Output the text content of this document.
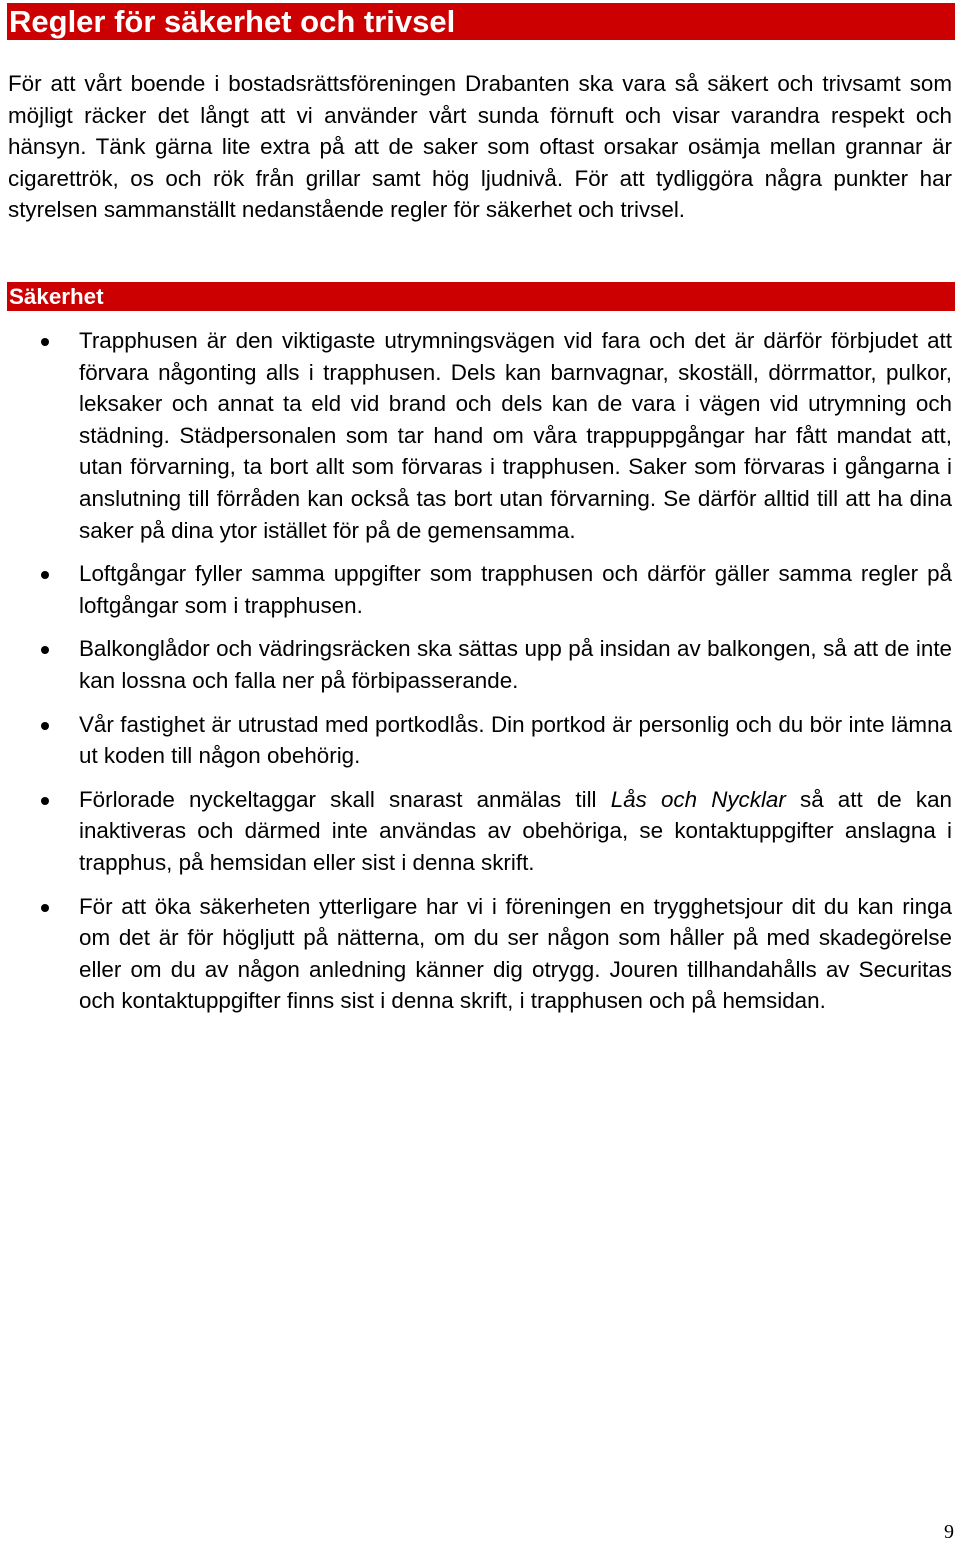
Regler för säkerhet och trivsel

För att vårt boende i bostadsrättsföreningen Drabanten ska vara så säkert och trivsamt som möjligt räcker det långt att vi använder vårt sunda förnuft och visar varandra respekt och hänsyn. Tänk gärna lite extra på att de saker som oftast orsakar osämja mellan grannar är cigarettrök, os och rök från grillar samt hög ljudnivå. För att tydliggöra några punkter har styrelsen sammanställt nedanstående regler för säkerhet och trivsel.

Säkerhet
Trapphusen är den viktigaste utrymningsvägen vid fara och det är därför förbjudet att förvara någonting alls i trapphusen. Dels kan barnvagnar, skoställ, dörrmattor, pulkor, leksaker och annat ta eld vid brand och dels kan de vara i vägen vid utrymning och städning. Städpersonalen som tar hand om våra trappuppgångar har fått mandat att, utan förvarning, ta bort allt som förvaras i trapphusen. Saker som förvaras i gångarna i anslutning till förråden kan också tas bort utan förvarning. Se därför alltid till att ha dina saker på dina ytor istället för på de gemensamma.
Loftgångar fyller samma uppgifter som trapphusen och därför gäller samma regler på loftgångar som i trapphusen.
Balkonglådor och vädringsräcken ska sättas upp på insidan av balkongen, så att de inte kan lossna och falla ner på förbipasserande.
Vår fastighet är utrustad med portkodlås. Din portkod är personlig och du bör inte lämna ut koden till någon obehörig.
Förlorade nyckeltaggar skall snarast anmälas till Lås och Nycklar så att de kan inaktiveras och därmed inte användas av obehöriga, se kontaktuppgifter anslagna i trapphus, på hemsidan eller sist i denna skrift.
För att öka säkerheten ytterligare har vi i föreningen en trygghetsjour dit du kan ringa om det är för högljutt på nätterna, om du ser någon som håller på med skadegörelse eller om du av någon anledning känner dig otrygg. Jouren tillhandahålls av Securitas och kontaktuppgifter finns sist i denna skrift, i trapphusen och på hemsidan.
9
